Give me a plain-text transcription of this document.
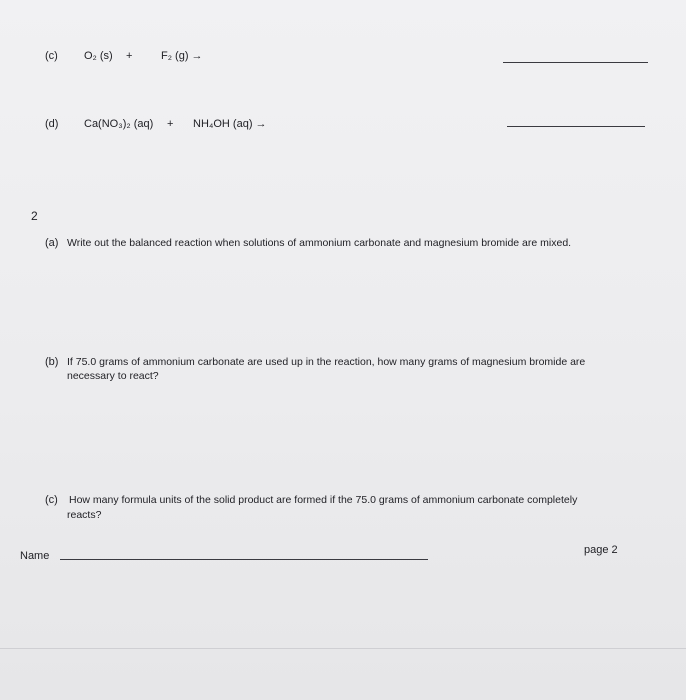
(c) O₂ (s) +	F₂ (g) →
(d) Ca(NO₃)₂ (aq) + NH₄OH (aq) →
2
(a) Write out the balanced reaction when solutions of ammonium carbonate and magnesium bromide are mixed.
(b) If 75.0 grams of ammonium carbonate are used up in the reaction, how many grams of magnesium bromide are
necessary to react?
(c) How many formula units of the solid product are formed if the 75.0 grams of ammonium carbonate completely
reacts?
Name	page 2
